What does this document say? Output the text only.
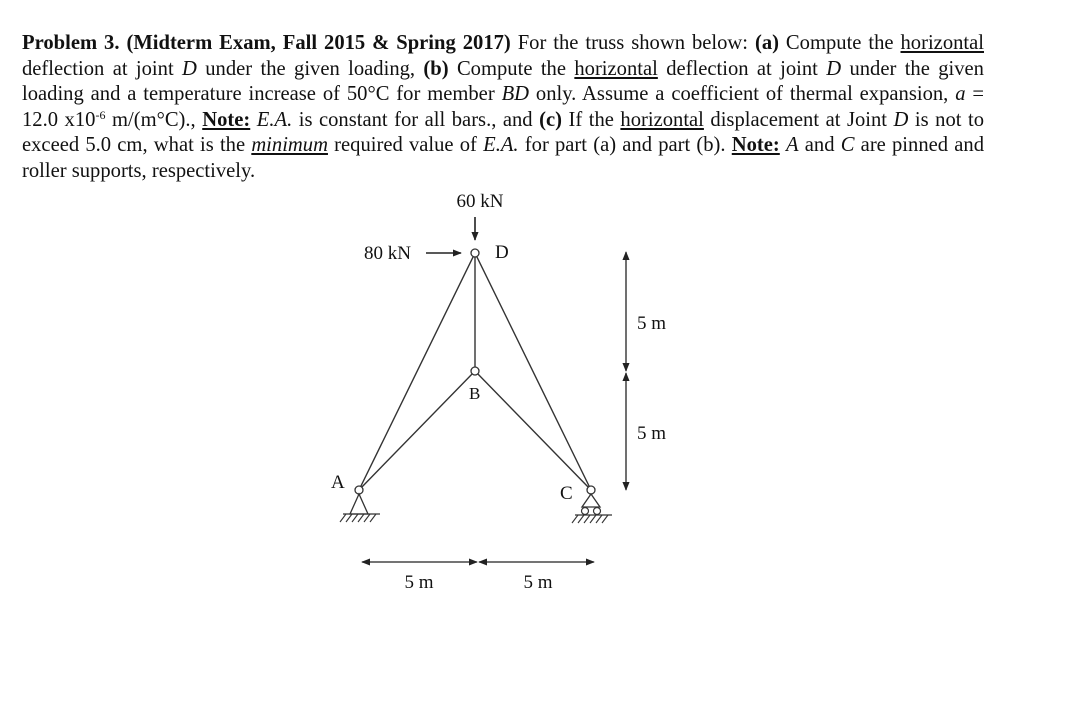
Problem 3. (Midterm Exam, Fall 2015 & Spring 2017) For the truss shown below: (a) Compute the horizontal deflection at joint D under the given loading, (b) Compute the horizontal deflection at joint D under the given loading and a temperature increase of 50°C for member BD only. Assume a coefficient of thermal expansion, a = 12.0 $x10^{-6}$ m/(m°C)., Note: E.A. is constant for all bars., and (c) If the horizontal displacement at Joint D is not to exceed 5.0 cm, what is the minimum required value of E.A. for part (a) and part (b). Note: A and C are pinned and roller supports, respectively.
60 kN
80 kN	D
B
A
C
5 m
5 m
5 m	5 m
